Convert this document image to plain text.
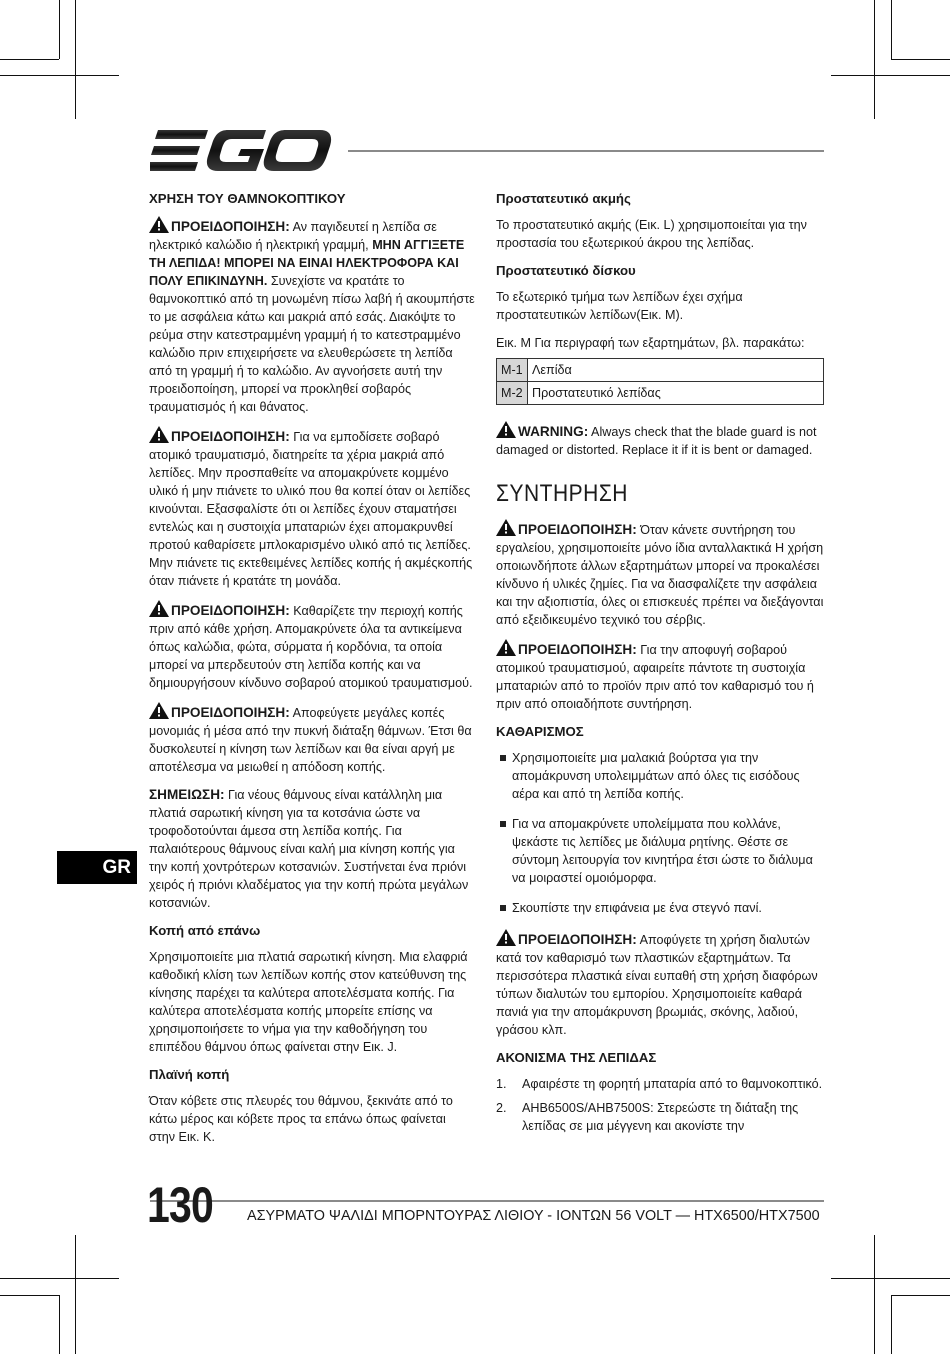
ΧΡΗΣΗ ΤΟΥ ΘΑΜΝΟΚΟΠΤΙΚΟΥ

ΠΡΟΕΙΔΟΠΟΙΗΣΗ: Αν παγιδευτεί η λεπίδα σε ηλεκτρικό καλώδιο ή ηλεκτρική γραμμή, ΜΗΝ ΑΓΓΙΞΕΤΕ ΤΗ ΛΕΠΙΔΑ! ΜΠΟΡΕΙ ΝΑ ΕΙΝΑΙ ΗΛΕΚΤΡΟΦΟΡΑ ΚΑΙ ΠΟΛΥ ΕΠΙΚΙΝΔΥΝΗ. Συνεχίστε να κρατάτε το θαμνοκοπτικό από τη μονωμένη πίσω λαβή ή ακουμπήστε το με ασφάλεια κάτω και μακριά από εσάς. Διακόψτε το ρεύμα στην κατεστραμμένη γραμμή ή το κατεστραμμένο καλώδιο πριν επιχειρήσετε να ελευθερώσετε τη λεπίδα από τη γραμμή ή το καλώδιο. Αν αγνοήσετε αυτή την προειδοποίηση, μπορεί να προκληθεί σοβαρός τραυματισμός ή και θάνατος.

ΠΡΟΕΙΔΟΠΟΙΗΣΗ: Για να εμποδίσετε σοβαρό ατομικό τραυματισμό, διατηρείτε τα χέρια μακριά από λεπίδες. Μην προσπαθείτε να απομακρύνετε κομμένο υλικό ή μην πιάνετε το υλικό που θα κοπεί όταν οι λεπίδες κινούνται. Εξασφαλίστε ότι οι λεπίδες έχουν σταματήσει εντελώς και η συστοιχία μπαταριών έχει απομακρυνθεί προτού καθαρίσετε μπλοκαρισμένο υλικό από τις λεπίδες. Μην πιάνετε τις εκτεθειμένες λεπίδες κοπής ή ακμέςκοπής όταν πιάνετε ή κρατάτε τη μονάδα.

ΠΡΟΕΙΔΟΠΟΙΗΣΗ: Καθαρίζετε την περιοχή κοπής πριν από κάθε χρήση. Απομακρύνετε όλα τα αντικείμενα όπως καλώδια, φώτα, σύρματα ή κορδόνια, τα οποία μπορεί να μπερδευτούν στη λεπίδα κοπής και να δημιουργήσουν κίνδυνο σοβαρού ατομικού τραυματισμού.

ΠΡΟΕΙΔΟΠΟΙΗΣΗ: Αποφεύγετε μεγάλες κοπές μονομιάς ή μέσα από την πυκνή διάταξη θάμνων. Έτσι θα δυσκολευτεί η κίνηση των λεπίδων και θα είναι αργή με αποτέλεσμα να μειωθεί η απόδοση κοπής.

ΣΗΜΕΙΩΣΗ: Για νέους θάμνους είναι κατάλληλη μια πλατιά σαρωτική κίνηση για τα κοτσάνια ώστε να τροφοδοτούνται άμεσα στη λεπίδα κοπής. Για παλαιότερους θάμνους είναι καλή μια κίνηση κοπής για την κοπή χοντρότερων κοτσανιών. Συστήνεται ένα πριόνι χειρός ή πριόνι κλαδέματος για την κοπή πρώτα μεγάλων κοτσανιών.

Κοπή από επάνω

Χρησιμοποιείτε μια πλατιά σαρωτική κίνηση. Μια ελαφριά καθοδική κλίση των λεπίδων κοπής στον κατεύθυνση της κίνησης παρέχει τα καλύτερα αποτελέσματα κοπής. Για καλύτερα αποτελέσματα κοπής μπορείτε επίσης να χρησιμοποιήσετε το νήμα για την καθοδήγηση του επιπέδου θάμνου όπως φαίνεται στην Εικ. J.

Πλαϊνή κοπή

Όταν κόβετε στις πλευρές του θάμνου, ξεκινάτε από το κάτω μέρος και κόβετε προς τα επάνω όπως φαίνεται στην Εικ. K.

Προστατευτικό ακμής

Το προστατευτικό ακμής (Εικ. L) χρησιμοποιείται για την προστασία του εξωτερικού άκρου της λεπίδας.

Προστατευτικό δίσκου

Το εξωτερικό τμήμα των λεπίδων έχει σχήμα προστατευτικών λεπίδων(Εικ. M).

Εικ. M Για περιγραφή των εξαρτημάτων, βλ. παρακάτω:

M-1	Λεπίδα
M-2	Προστατευτικό λεπίδας

WARNING: Always check that the blade guard is not damaged or distorted. Replace it if it is bent or damaged.

ΣΥΝΤΗΡΗΣΗ

ΠΡΟΕΙΔΟΠΟΙΗΣΗ: Όταν κάνετε συντήρηση του εργαλείου, χρησιμοποιείτε μόνο ίδια ανταλλακτικά Η χρήση οποιωνδήποτε άλλων εξαρτημάτων μπορεί να προκαλέσει κίνδυνο ή υλικές ζημίες. Για να διασφαλίζετε την ασφάλεια και την αξιοπιστία, όλες οι επισκευές πρέπει να διεξάγονται από εξειδικευμένο τεχνικό του σέρβις.

ΠΡΟΕΙΔΟΠΟΙΗΣΗ: Για την αποφυγή σοβαρού ατομικού τραυματισμού, αφαιρείτε πάντοτε τη συστοιχία μπαταριών από το προϊόν πριν από τον καθαρισμό του ή πριν από οποιαδήποτε συντήρηση.

ΚΑΘΑΡΙΣΜΟΣ
Χρησιμοποιείτε μια μαλακιά βούρτσα για την απομάκρυνση υπολειμμάτων από όλες τις εισόδους αέρα και από τη λεπίδα κοπής.
Για να απομακρύνετε υπολείμματα που κολλάνε, ψεκάστε τις λεπίδες με διάλυμα ρητίνης. Θέστε σε σύντομη λειτουργία τον κινητήρα έτσι ώστε το διάλυμα να μοιραστεί ομοιόμορφα.
Σκουπίστε την επιφάνεια με ένα στεγνό πανί.

ΠΡΟΕΙΔΟΠΟΙΗΣΗ: Αποφύγετε τη χρήση διαλυτών κατά τον καθαρισμό των πλαστικών εξαρτημάτων. Τα περισσότερα πλαστικά είναι ευπαθή στη χρήση διαφόρων τύπων διαλυτών του εμπορίου. Χρησιμοποιείτε καθαρά πανιά για την απομάκρυνση βρωμιάς, σκόνης, λαδιού, γράσου κλπ.

ΑΚΟΝΙΣΜΑ ΤΗΣ ΛΕΠΙΔΑΣ
1. Αφαιρέστε τη φορητή μπαταρία από το θαμνοκοπτικό.
2. AHB6500S/AHB7500S: Στερεώστε τη διάταξη της λεπίδας σε μια μέγγενη και ακονίστε την
GR
130 ΑΣΥΡΜΑΤΟ ΨΑΛΙΔΙ ΜΠΟΡΝΤΟΥΡΑΣ ΛΙΘΙΟΥ - ΙΟΝΤΩΝ 56 VOLT — HTX6500/HTX7500
